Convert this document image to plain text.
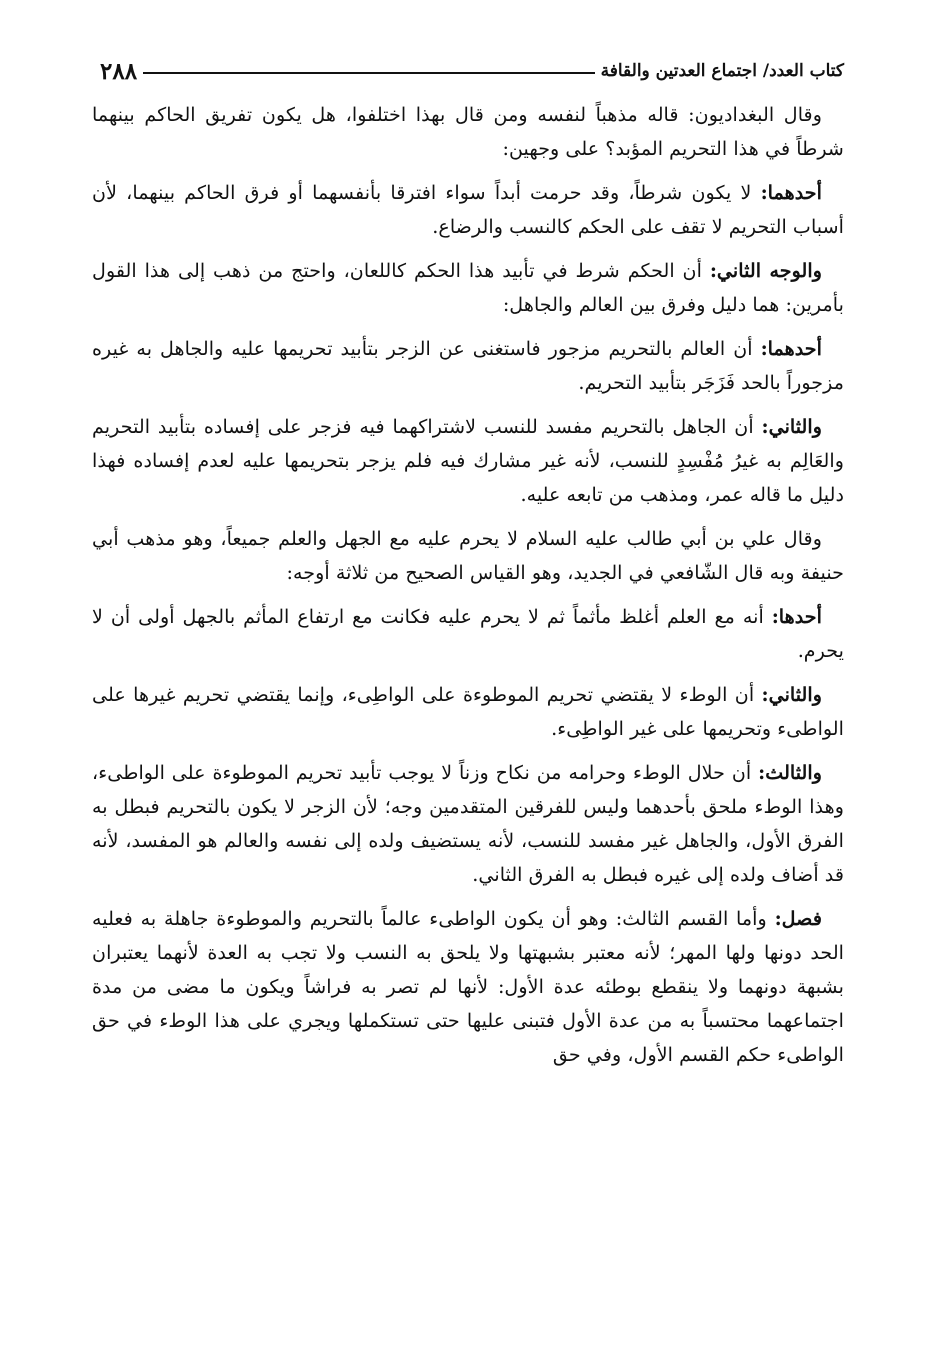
كتاب العدد/ اجتماع العدتين والقافة
٢٨٨

وقال البغداديون: قاله مذهباً لنفسه ومن قال بهذا اختلفوا، هل يكون تفريق الحاكم بينهما شرطاً في هذا التحريم المؤبد؟ على وجهين:

أحدهما: لا يكون شرطاً، وقد حرمت أبداً سواء افترقا بأنفسهما أو فرق الحاكم بينهما، لأن أسباب التحريم لا تقف على الحكم كالنسب والرضاع.

والوجه الثاني: أن الحكم شرط في تأبيد هذا الحكم كاللعان، واحتج من ذهب إلى هذا القول بأمرين: هما دليل وفرق بين العالم والجاهل:

أحدهما: أن العالم بالتحريم مزجور فاستغنى عن الزجر بتأبيد تحريمها عليه والجاهل به غيره مزجوراً بالحد فَزَجَر بتأبيد التحريم.

والثاني: أن الجاهل بالتحريم مفسد للنسب لاشتراكهما فيه فزجر على إفساده بتأبيد التحريم والعَالِم به غيرُ مُفْسِدٍ للنسب، لأنه غير مشارك فيه فلم يزجر بتحريمها عليه لعدم إفساده فهذا دليل ما قاله عمر، ومذهب من تابعه عليه.

وقال علي بن أبي طالب عليه السلام لا يحرم عليه مع الجهل والعلم جميعاً، وهو مذهب أبي حنيفة وبه قال الشّافعي في الجديد، وهو القياس الصحيح من ثلاثة أوجه:

أحدها: أنه مع العلم أغلظ مأثماً ثم لا يحرم عليه فكانت مع ارتفاع المأثم بالجهل أولى أن لا يحرم.

والثاني: أن الوطء لا يقتضي تحريم الموطوءة على الواطِىء، وإنما يقتضي تحريم غيرها على الواطىء وتحريمها على غير الواطِىء.

والثالث: أن حلال الوطء وحرامه من نكاح وزناً لا يوجب تأبيد تحريم الموطوءة على الواطىء، وهذا الوطء ملحق بأحدهما وليس للفرقين المتقدمين وجه؛ لأن الزجر لا يكون بالتحريم فبطل به الفرق الأول، والجاهل غير مفسد للنسب، لأنه يستضيف ولده إلى نفسه والعالم هو المفسد، لأنه قد أضاف ولده إلى غيره فبطل به الفرق الثاني.

فصل: وأما القسم الثالث: وهو أن يكون الواطىء عالماً بالتحريم والموطوءة جاهلة به فعليه الحد دونها ولها المهر؛ لأنه معتبر بشبهتها ولا يلحق به النسب ولا تجب به العدة لأنهما يعتبران بشبهة دونهما ولا ينقطع بوطئه عدة الأول: لأنها لم تصر به فراشاً ويكون ما مضى من مدة اجتماعهما محتسباً به من عدة الأول فتبنى عليها حتى تستكملها ويجري على هذا الوطء في حق الواطىء حكم القسم الأول، وفي حق
